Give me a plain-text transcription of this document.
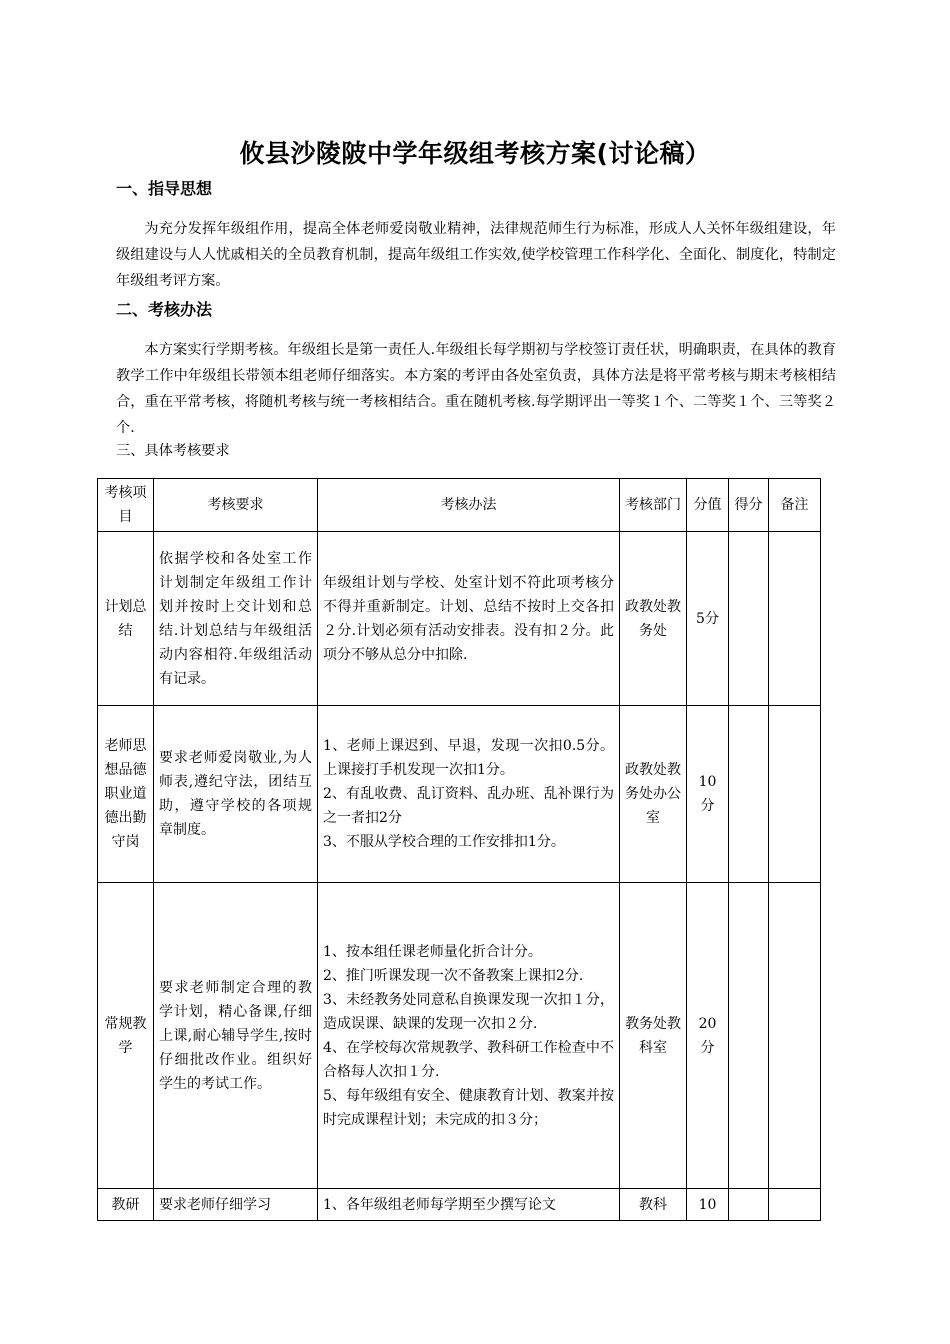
攸县沙陵陂中学年级组考核方案(讨论稿）
一、指导思想
为充分发挥年级组作用，提高全体老师爱岗敬业精神，法律规范师生行为标准，形成人人关怀年级组建设，年级组建设与人人忧戚相关的全员教育机制，提高年级组工作实效,使学校管理工作科学化、全面化、制度化，特制定年级组考评方案。
二、考核办法
本方案实行学期考核。年级组长是第一责任人.年级组长每学期初与学校签订责任状，明确职责，在具体的教育教学工作中年级组长带领本组老师仔细落实。本方案的考评由各处室负责，具体方法是将平常考核与期末考核相结合，重在平常考核，将随机考核与统一考核相结合。重在随机考核.每学期评出一等奖１个、二等奖１个、三等奖２个.
三、具体考核要求
考核项目	考核要求	考核办法	考核部门	分值	得分	备注
计划总结	依据学校和各处室工作计划制定年级组工作计划并按时上交计划和总结.计划总结与年级组活动内容相符.年级组活动有记录。	年级组计划与学校、处室计划不符此项考核分不得并重新制定。计划、总结不按时上交各扣２分.计划必须有活动安排表。没有扣２分。此项分不够从总分中扣除.	政教处教务处	5分		
老师思想品德职业道德出勤守岗	要求老师爱岗敬业,为人师表,遵纪守法，团结互助，遵守学校的各项规章制度。	1、老师上课迟到、早退，发现一次扣0.5分。上课接打手机发现一次扣1分。
2、有乱收费、乱订资料、乱办班、乱补课行为之一者扣2分
3、不服从学校合理的工作安排扣1分。	政教处教务处办公室	10分		
常规教学	要求老师制定合理的教学计划，精心备课,仔细上课,耐心辅导学生,按时仔细批改作业。组织好学生的考试工作。	1、按本组任课老师量化折合计分。
2、推门听课发现一次不备教案上课扣2分.
3、未经教务处同意私自换课发现一次扣１分，造成误课、缺课的发现一次扣２分.
4、在学校每次常规教学、教科研工作检查中不合格每人次扣１分.
5、每年级组有安全、健康教育计划、教案并按时完成课程计划；未完成的扣３分；	教务处教科室	20分		
教研	要求老师仔细学习	1、各年级组老师每学期至少撰写论文	教科	10		
